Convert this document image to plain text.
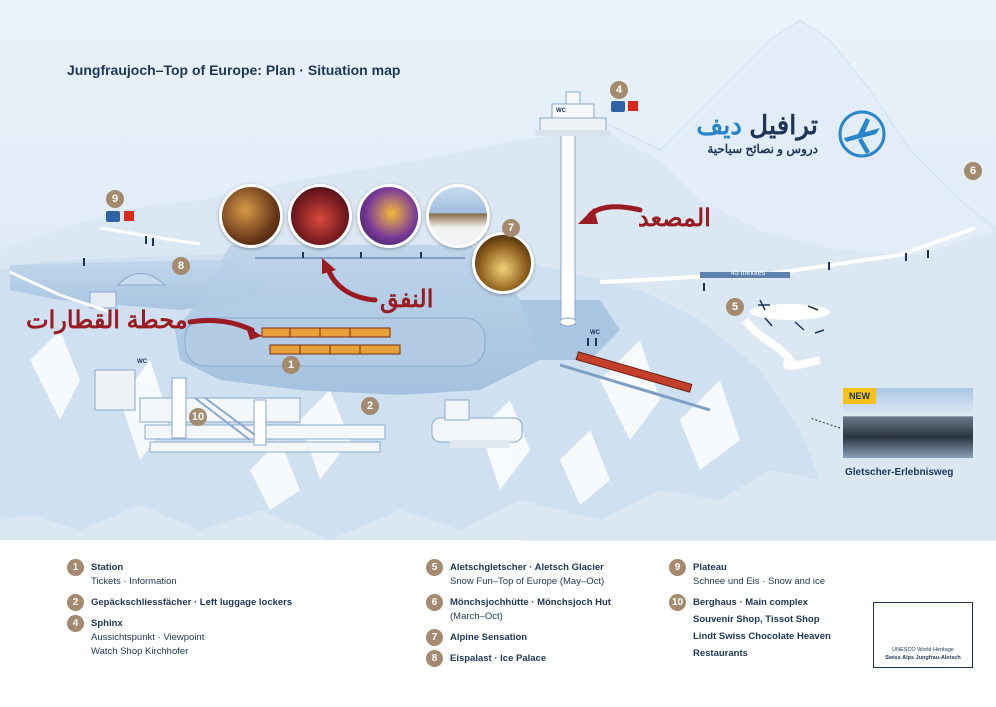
Jungfraujoch–Top of Europe: Plan · Situation map
ترافيل ديف
دروس و نصائح سياحية
1
2
4
5
6
7
8
9
10
WC
WC
WC
45 minutes
المصعد
النفق
محطة القطارات
NEW
Gletscher-Erlebnisweg
1	Station
Tickets · Information
2	Gepäckschliessfächer · Left luggage lockers
4	Sphinx
Aussichtspunkt · Viewpoint
Watch Shop Kirchhofer
5	Aletschgletscher · Aletsch Glacier
Snow Fun–Top of Europe (May–Oct)
6	Mönchsjochhütte · Mönchsjoch Hut
(March–Oct)
7	Alpine Sensation
8	Eispalast · Ice Palace
9	Plateau
Schnee und Eis · Snow and ice
10	Berghaus · Main complex
Souvenir Shop, Tissot Shop
Lindt Swiss Chocolate Heaven
Restaurants	UNESCO World Heritage
Swiss Alps Jungfrau-Aletsch
